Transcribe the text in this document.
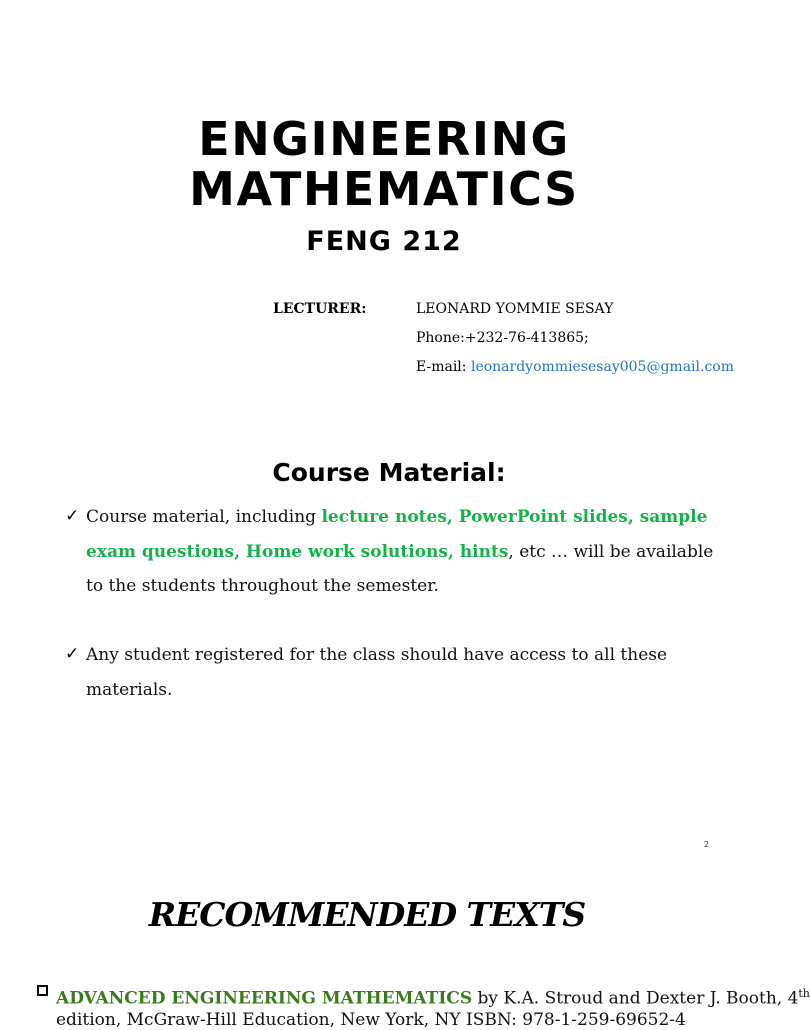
ENGINEERING
MATHEMATICS
FENG 212
LECTURER:	LEONARD YOMMIE SESAY
Phone:+232-76-413865;
E-mail: leonardyommiesesay005@gmail.com
Course Material:
✓ Course material, including lecture notes, PowerPoint slides, sample exam questions, Home work solutions, hints, etc … will be available to the students throughout the semester.
✓ Any student registered for the class should have access to all these materials.
2
RECOMMENDED TEXTS
ADVANCED ENGINEERING MATHEMATICS by K.A. Stroud and Dexter J. Booth, 4th
edition, McGraw-Hill Education, New York, NY ISBN: 978-1-259-69652-4
